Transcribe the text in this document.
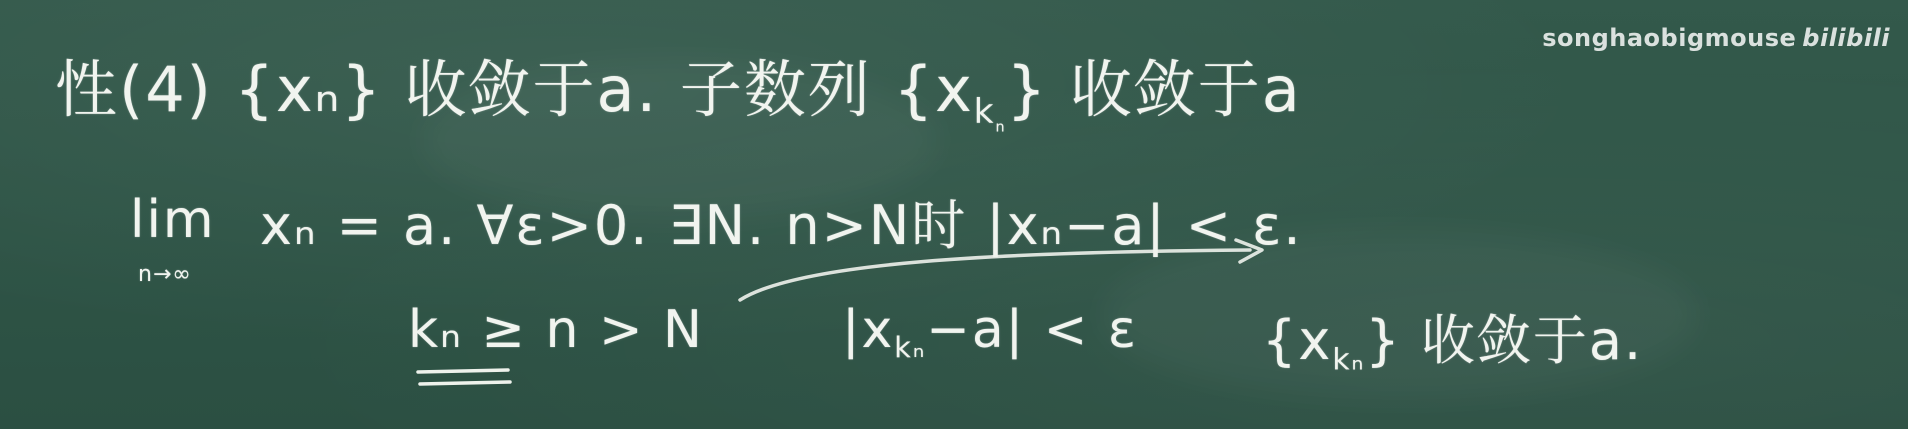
性(4) {xₙ} 收敛于a. 子数列 $\{x_{k_n}\}$ 收敛于a
lim
n→∞
xₙ = a. ∀ε>0. ∃N. n>N时 |xₙ−a| < ε.
kₙ ≥ n > N	$|x_{k_n}-a| < \varepsilon$ $\{x_{k_n}\}$ 收敛于a.
songhaobigmouse bilibili
